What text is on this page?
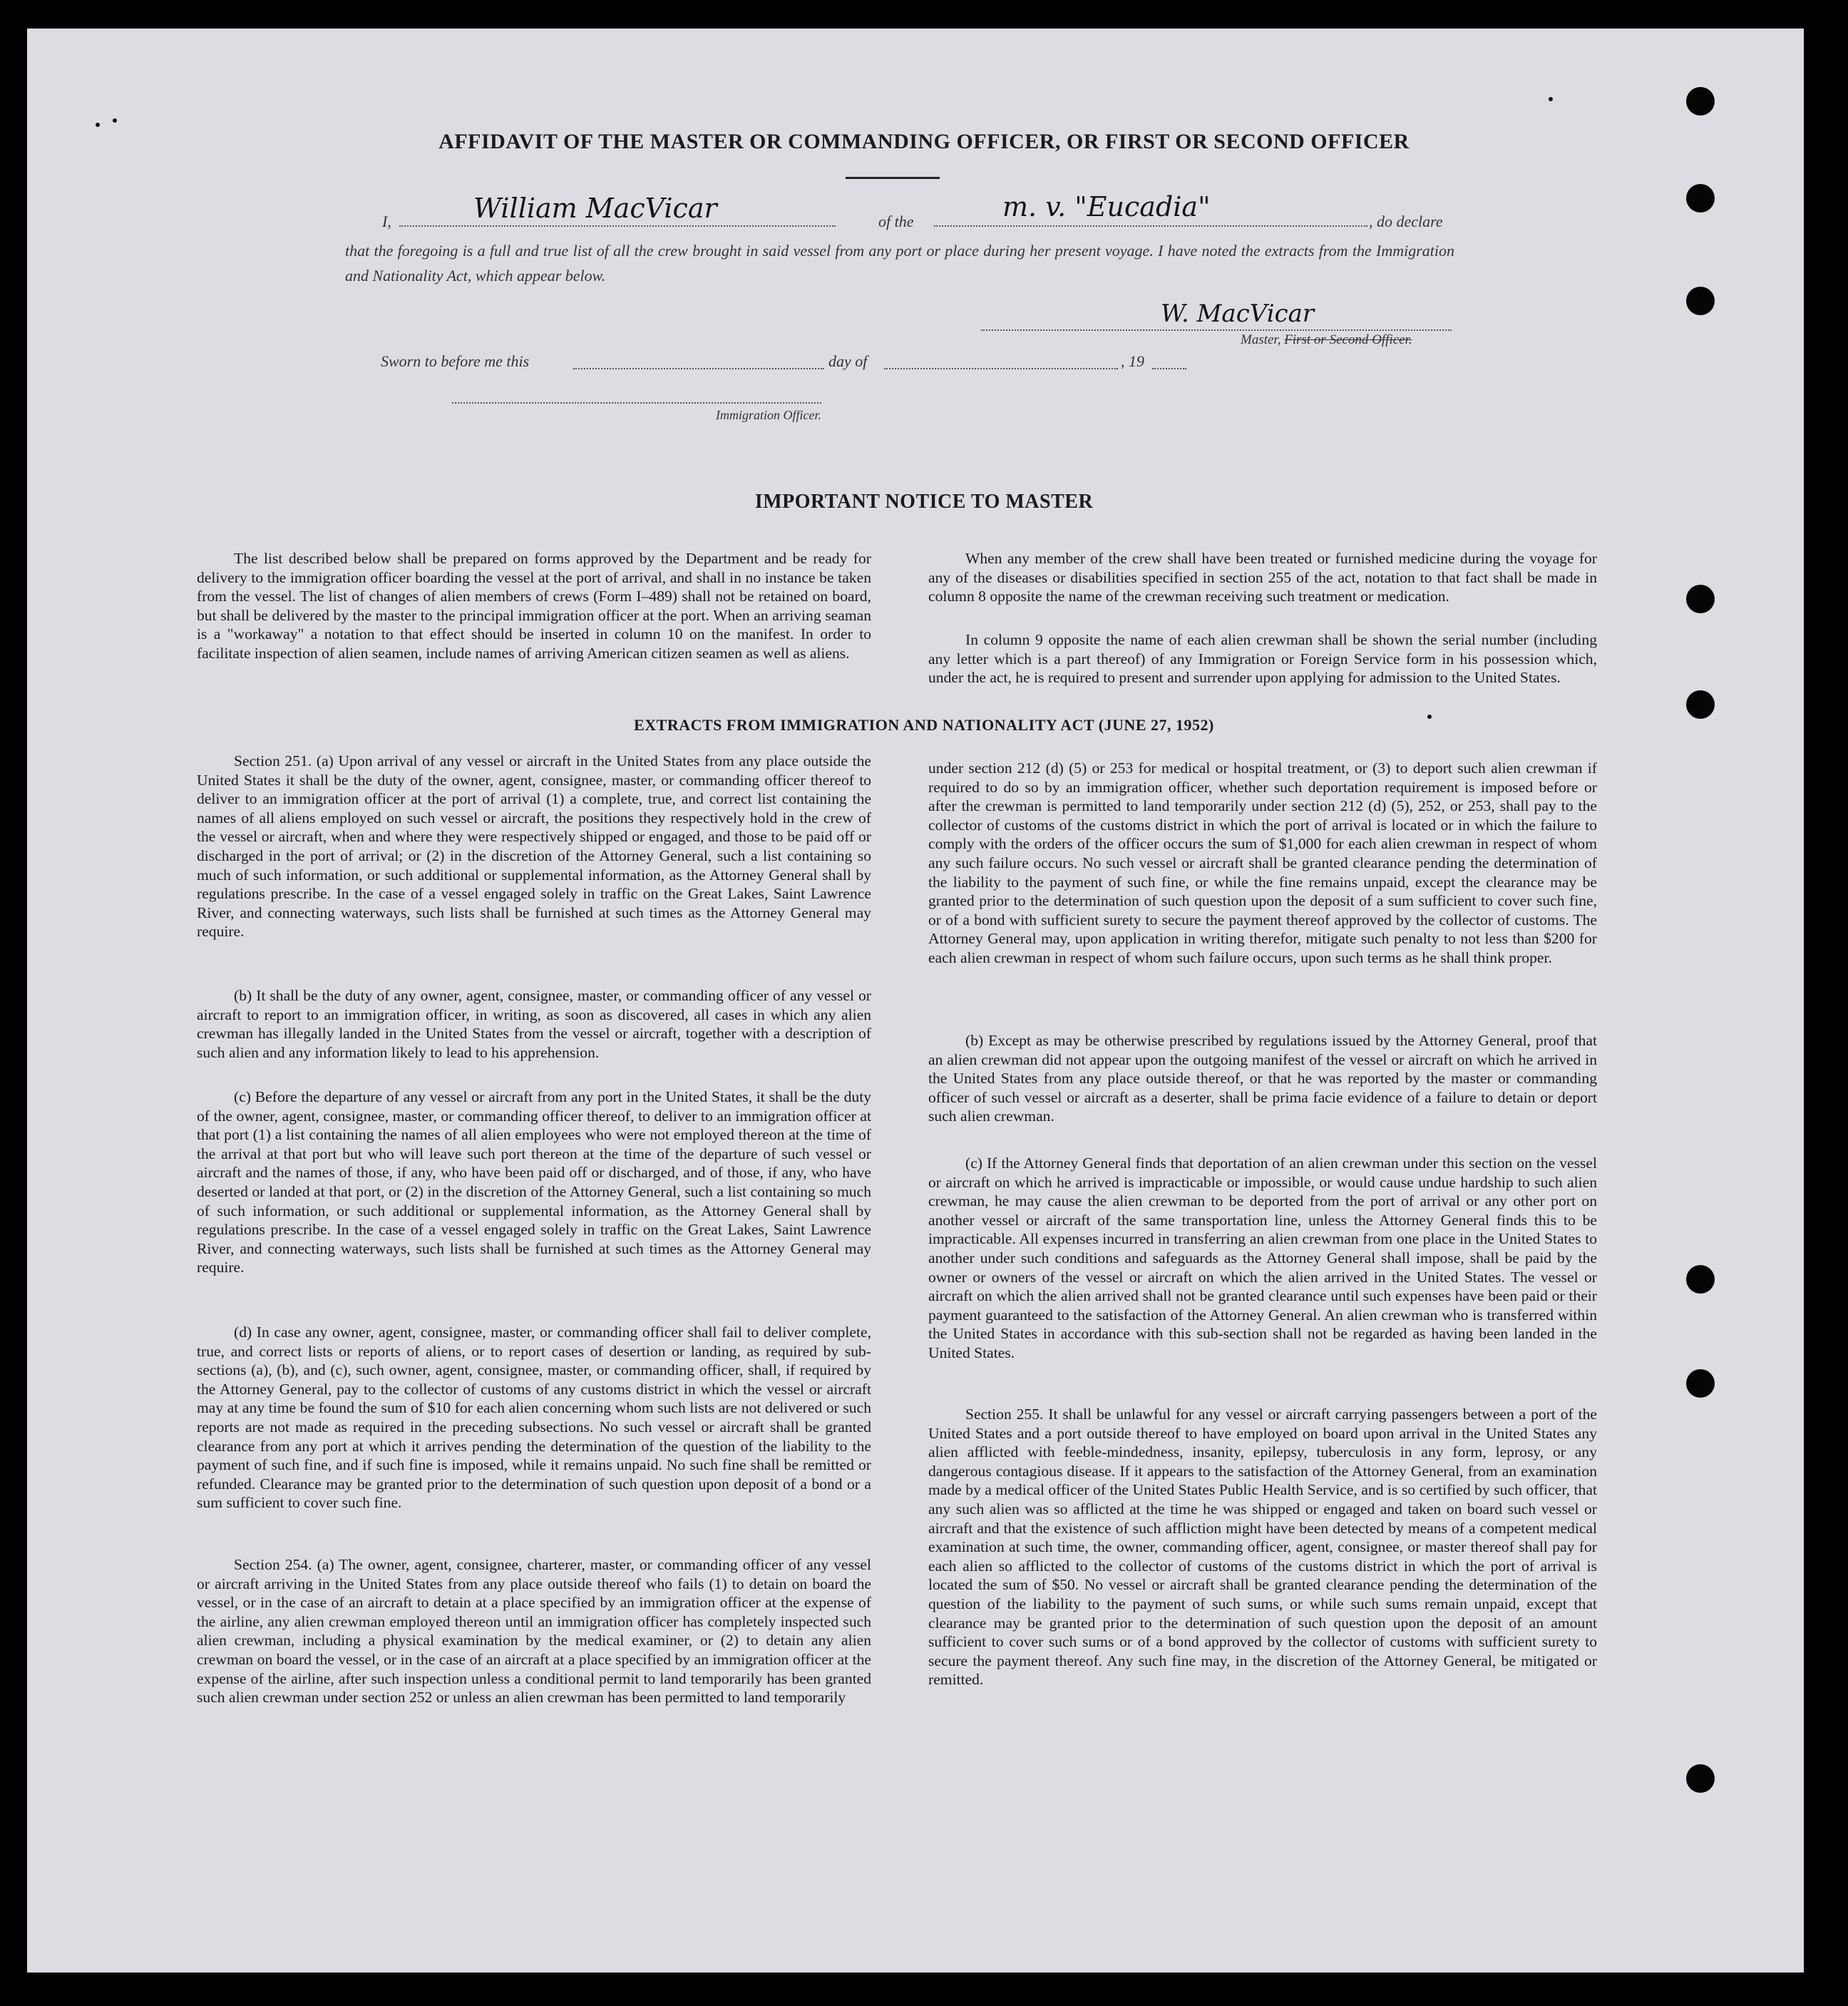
AFFIDAVIT OF THE MASTER OR COMMANDING OFFICER, OR FIRST OR SECOND OFFICER
I,	William MacVicar	of the	m. v. "Eucadia"	, do declare
that the foregoing is a full and true list of all the crew brought in said vessel from any port or place during her present voyage. I have noted the extracts from the Immigration and Nationality Act, which appear below.
W. MacVicar
Master, First or Second Officer.
Sworn to before me this	day of	, 19
Immigration Officer.
IMPORTANT NOTICE TO MASTER

The list described below shall be prepared on forms approved by the Department and be ready for delivery to the immigration officer boarding the vessel at the port of arrival, and shall in no instance be taken from the vessel. The list of changes of alien members of crews (Form I–489) shall not be retained on board, but shall be delivered by the master to the principal immigration officer at the port. When an arriving seaman is a "workaway" a notation to that effect should be inserted in column 10 on the manifest. In order to facilitate inspection of alien seamen, include names of arriving American citizen seamen as well as aliens.

When any member of the crew shall have been treated or furnished medicine during the voyage for any of the diseases or disabilities specified in section 255 of the act, notation to that fact shall be made in column 8 opposite the name of the crewman receiving such treatment or medication.

In column 9 opposite the name of each alien crewman shall be shown the serial number (including any letter which is a part thereof) of any Immigration or Foreign Service form in his possession which, under the act, he is required to present and surrender upon applying for admission to the United States.

EXTRACTS FROM IMMIGRATION AND NATIONALITY ACT (JUNE 27, 1952)

Section 251. (a) Upon arrival of any vessel or aircraft in the United States from any place outside the United States it shall be the duty of the owner, agent, consignee, master, or commanding officer thereof to deliver to an immigration officer at the port of arrival (1) a complete, true, and correct list containing the names of all aliens employed on such vessel or aircraft, the positions they respectively hold in the crew of the vessel or aircraft, when and where they were respectively shipped or engaged, and those to be paid off or discharged in the port of arrival; or (2) in the discretion of the Attorney General, such a list containing so much of such information, or such additional or supplemental information, as the Attorney General shall by regulations prescribe. In the case of a vessel engaged solely in traffic on the Great Lakes, Saint Lawrence River, and connecting waterways, such lists shall be furnished at such times as the Attorney General may require.

(b) It shall be the duty of any owner, agent, consignee, master, or commanding officer of any vessel or aircraft to report to an immigration officer, in writing, as soon as discovered, all cases in which any alien crewman has illegally landed in the United States from the vessel or aircraft, together with a description of such alien and any information likely to lead to his apprehension.

(c) Before the departure of any vessel or aircraft from any port in the United States, it shall be the duty of the owner, agent, consignee, master, or commanding officer thereof, to deliver to an immigration officer at that port (1) a list containing the names of all alien employees who were not employed thereon at the time of the arrival at that port but who will leave such port thereon at the time of the departure of such vessel or aircraft and the names of those, if any, who have been paid off or discharged, and of those, if any, who have deserted or landed at that port, or (2) in the discretion of the Attorney General, such a list containing so much of such information, or such additional or supplemental information, as the Attorney General shall by regulations prescribe. In the case of a vessel engaged solely in traffic on the Great Lakes, Saint Lawrence River, and connecting waterways, such lists shall be furnished at such times as the Attorney General may require.

(d) In case any owner, agent, consignee, master, or commanding officer shall fail to deliver complete, true, and correct lists or reports of aliens, or to report cases of desertion or landing, as required by sub-sections (a), (b), and (c), such owner, agent, consignee, master, or commanding officer, shall, if required by the Attorney General, pay to the collector of customs of any customs district in which the vessel or aircraft may at any time be found the sum of $10 for each alien concerning whom such lists are not delivered or such reports are not made as required in the preceding subsections. No such vessel or aircraft shall be granted clearance from any port at which it arrives pending the determination of the question of the liability to the payment of such fine, and if such fine is imposed, while it remains unpaid. No such fine shall be remitted or refunded. Clearance may be granted prior to the determination of such question upon deposit of a bond or a sum sufficient to cover such fine.

Section 254. (a) The owner, agent, consignee, charterer, master, or commanding officer of any vessel or aircraft arriving in the United States from any place outside thereof who fails (1) to detain on board the vessel, or in the case of an aircraft to detain at a place specified by an immigration officer at the expense of the airline, any alien crewman employed thereon until an immigration officer has completely inspected such alien crewman, including a physical examination by the medical examiner, or (2) to detain any alien crewman on board the vessel, or in the case of an aircraft at a place specified by an immigration officer at the expense of the airline, after such inspection unless a conditional permit to land temporarily has been granted such alien crewman under section 252 or unless an alien crewman has been permitted to land temporarily

under section 212 (d) (5) or 253 for medical or hospital treatment, or (3) to deport such alien crewman if required to do so by an immigration officer, whether such deportation requirement is imposed before or after the crewman is permitted to land temporarily under section 212 (d) (5), 252, or 253, shall pay to the collector of customs of the customs district in which the port of arrival is located or in which the failure to comply with the orders of the officer occurs the sum of $1,000 for each alien crewman in respect of whom any such failure occurs. No such vessel or aircraft shall be granted clearance pending the determination of the liability to the payment of such fine, or while the fine remains unpaid, except the clearance may be granted prior to the determination of such question upon the deposit of a sum sufficient to cover such fine, or of a bond with sufficient surety to secure the payment thereof approved by the collector of customs. The Attorney General may, upon application in writing therefor, mitigate such penalty to not less than $200 for each alien crewman in respect of whom such failure occurs, upon such terms as he shall think proper.

(b) Except as may be otherwise prescribed by regulations issued by the Attorney General, proof that an alien crewman did not appear upon the outgoing manifest of the vessel or aircraft on which he arrived in the United States from any place outside thereof, or that he was reported by the master or commanding officer of such vessel or aircraft as a deserter, shall be prima facie evidence of a failure to detain or deport such alien crewman.

(c) If the Attorney General finds that deportation of an alien crewman under this section on the vessel or aircraft on which he arrived is impracticable or impossible, or would cause undue hardship to such alien crewman, he may cause the alien crewman to be deported from the port of arrival or any other port on another vessel or aircraft of the same transportation line, unless the Attorney General finds this to be impracticable. All expenses incurred in transferring an alien crewman from one place in the United States to another under such conditions and safeguards as the Attorney General shall impose, shall be paid by the owner or owners of the vessel or aircraft on which the alien arrived in the United States. The vessel or aircraft on which the alien arrived shall not be granted clearance until such expenses have been paid or their payment guaranteed to the satisfaction of the Attorney General. An alien crewman who is transferred within the United States in accordance with this sub-section shall not be regarded as having been landed in the United States.

Section 255. It shall be unlawful for any vessel or aircraft carrying passengers between a port of the United States and a port outside thereof to have employed on board upon arrival in the United States any alien afflicted with feeble-mindedness, insanity, epilepsy, tuberculosis in any form, leprosy, or any dangerous contagious disease. If it appears to the satisfaction of the Attorney General, from an examination made by a medical officer of the United States Public Health Service, and is so certified by such officer, that any such alien was so afflicted at the time he was shipped or engaged and taken on board such vessel or aircraft and that the existence of such affliction might have been detected by means of a competent medical examination at such time, the owner, commanding officer, agent, consignee, or master thereof shall pay for each alien so afflicted to the collector of customs of the customs district in which the port of arrival is located the sum of $50. No vessel or aircraft shall be granted clearance pending the determination of the question of the liability to the payment of such sums, or while such sums remain unpaid, except that clearance may be granted prior to the determination of such question upon the deposit of an amount sufficient to cover such sums or of a bond approved by the collector of customs with sufficient surety to secure the payment thereof. Any such fine may, in the discretion of the Attorney General, be mitigated or remitted.
